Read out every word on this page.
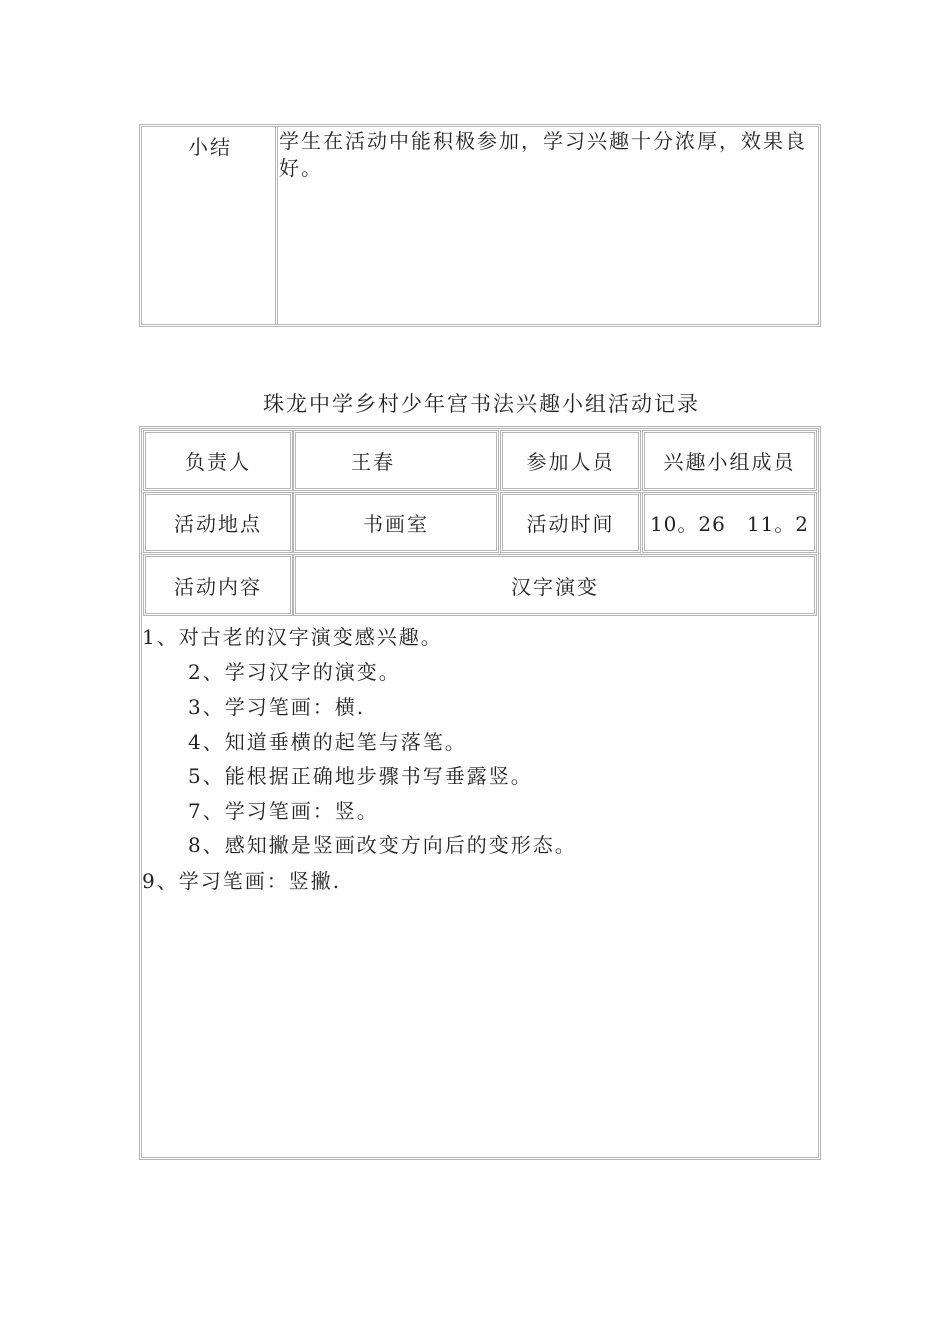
小结 学生在活动中能积极参加，学习兴趣十分浓厚，效果良好。
珠龙中学乡村少年宫书法兴趣小组活动记录
负责人	王春	参加人员	兴趣小组成员
活动地点	书画室	活动时间	10。26　11。2
活动内容	汉字演变
1、对古老的汉字演变感兴趣。
2、学习汉字的演变。
3、学习笔画：横.
4、知道垂横的起笔与落笔。
5、能根据正确地步骤书写垂露竖。
7、学习笔画：竖。
8、感知撇是竖画改变方向后的变形态。
9、学习笔画：竖撇.
